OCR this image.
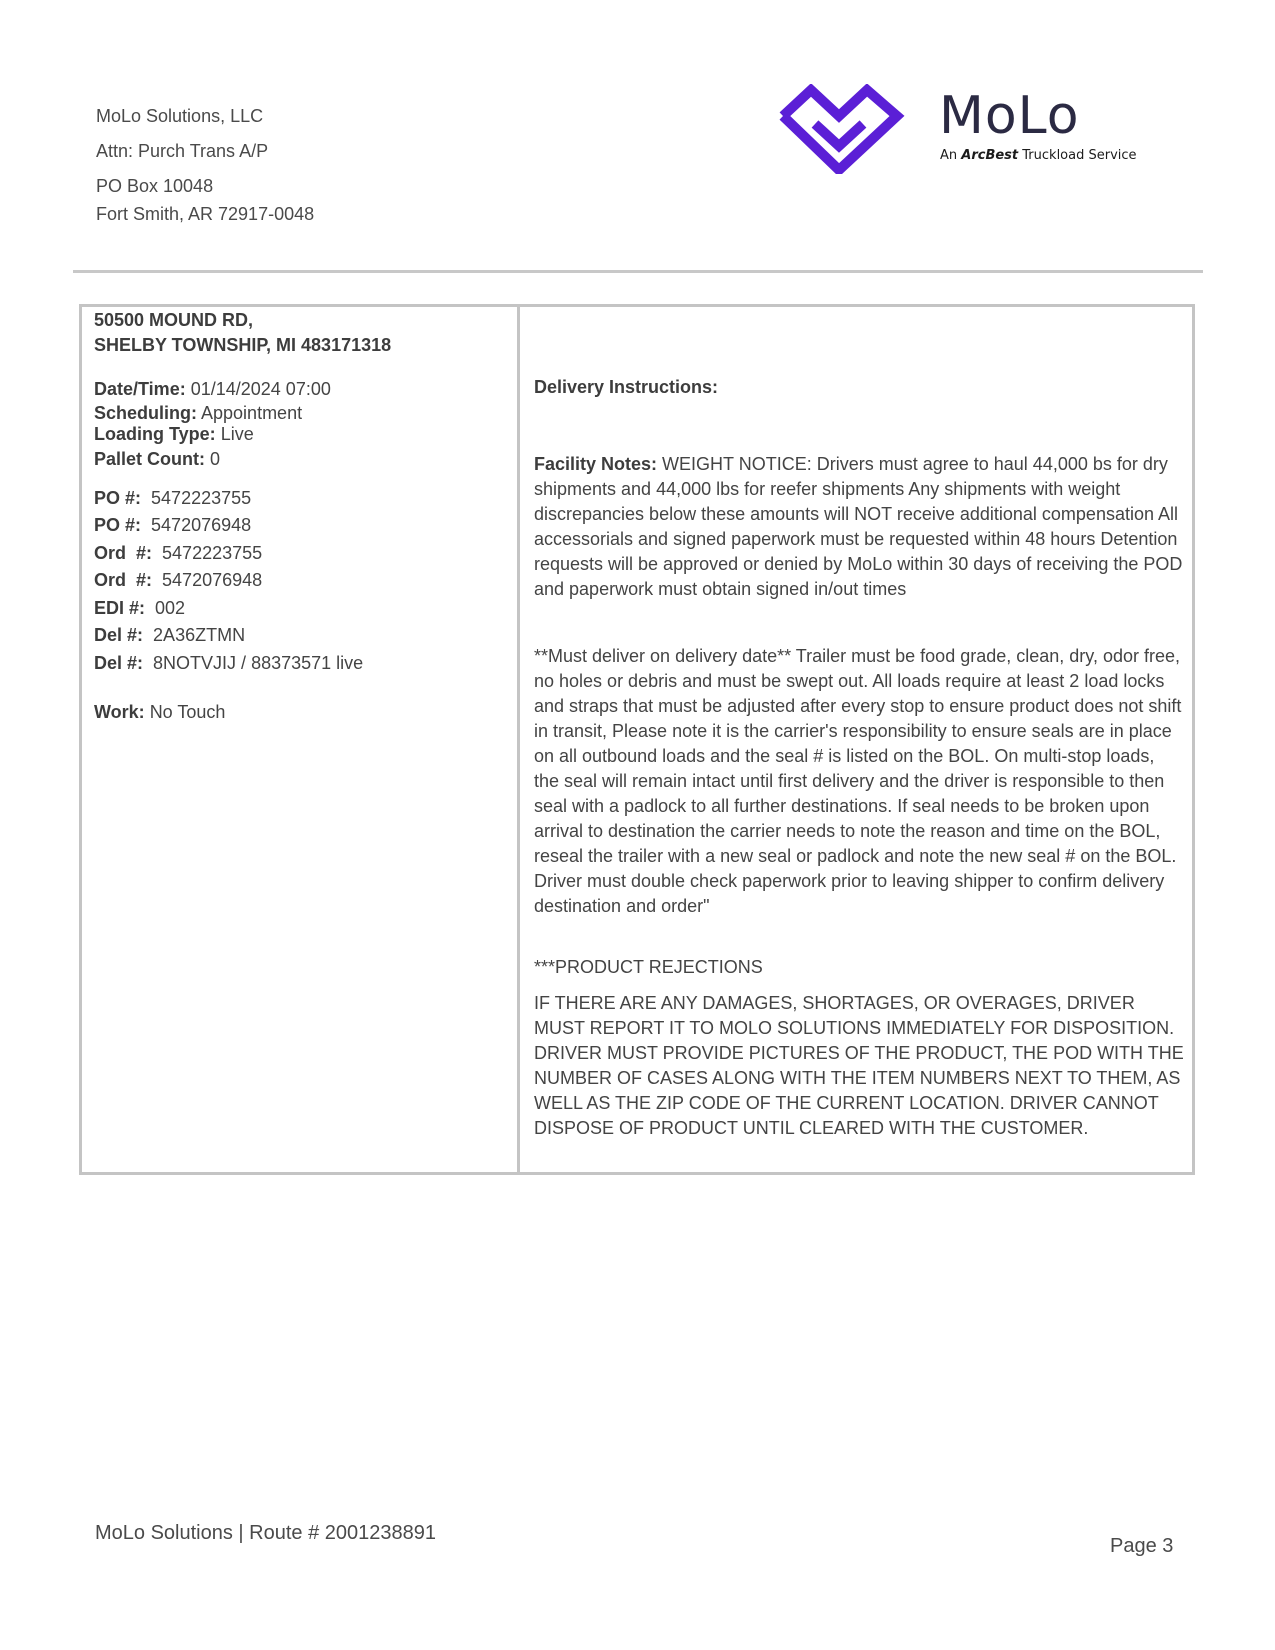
MoLo Solutions, LLC
Attn: Purch Trans A/P
PO Box 10048
Fort Smith, AR 72917-0048
MoLo
An ArcBest Truckload Service
50500 MOUND RD,
SHELBY TOWNSHIP, MI 483171318
Date/Time: 01/14/2024 07:00
Scheduling: Appointment
Loading Type: Live
Pallet Count: 0
PO #: 5472223755
PO #: 5472076948
Ord  #: 5472223755
Ord  #: 5472076948
EDI #: 002
Del #: 2A36ZTMN
Del #: 8NOTVJIJ / 88373571 live
Work: No Touch
Delivery Instructions:
Facility Notes: WEIGHT NOTICE: Drivers must agree to haul 44,000 bs for dry shipments and 44,000 lbs for reefer shipments Any shipments with weight discrepancies below these amounts will NOT receive additional compensation All accessorials and signed paperwork must be requested within 48 hours Detention requests will be approved or denied by MoLo within 30 days of receiving the POD and paperwork must obtain signed in/out times
**Must deliver on delivery date** Trailer must be food grade, clean, dry, odor free, no holes or debris and must be swept out. All loads require at least 2 load locks and straps that must be adjusted after every stop to ensure product does not shift in transit, Please note it is the carrier's responsibility to ensure seals are in place on all outbound loads and the seal # is listed on the BOL. On multi-stop loads, the seal will remain intact until first delivery and the driver is responsible to then seal with a padlock to all further destinations. If seal needs to be broken upon arrival to destination the carrier needs to note the reason and time on the BOL, reseal the trailer with a new seal or padlock and note the new seal # on the BOL. Driver must double check paperwork prior to leaving shipper to confirm delivery destination and order"
***PRODUCT REJECTIONS
IF THERE ARE ANY DAMAGES, SHORTAGES, OR OVERAGES, DRIVER MUST REPORT IT TO MOLO SOLUTIONS IMMEDIATELY FOR DISPOSITION. DRIVER MUST PROVIDE PICTURES OF THE PRODUCT, THE POD WITH THE NUMBER OF CASES ALONG WITH THE ITEM NUMBERS NEXT TO THEM, AS WELL AS THE ZIP CODE OF THE CURRENT LOCATION. DRIVER CANNOT DISPOSE OF PRODUCT UNTIL CLEARED WITH THE CUSTOMER.
MoLo Solutions | Route # 2001238891
Page 3
